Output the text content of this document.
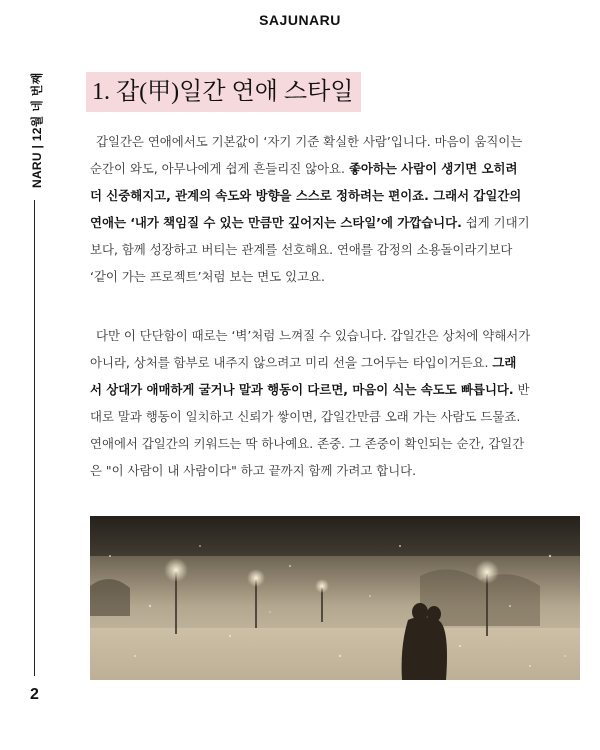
SAJUNARU
NARU | 12월 네 번째
2
1. 갑(甲)일간 연애 스타일
갑일간은 연애에서도 기본값이 ‘자기 기준 확실한 사람’입니다. 마음이 움직이는
순간이 와도, 아무나에게 쉽게 흔들리진 않아요. 좋아하는 사람이 생기면 오히려
더 신중해지고, 관계의 속도와 방향을 스스로 정하려는 편이죠. 그래서 갑일간의
연애는 ‘내가 책임질 수 있는 만큼만 깊어지는 스타일’에 가깝습니다. 쉽게 기대기
보다, 함께 성장하고 버티는 관계를 선호해요. 연애를 감정의 소용돌이라기보다
‘같이 가는 프로젝트’처럼 보는 면도 있고요.
다만 이 단단함이 때로는 ‘벽’처럼 느껴질 수 있습니다. 갑일간은 상처에 약해서가
아니라, 상처를 함부로 내주지 않으려고 미리 선을 그어두는 타입이거든요. 그래
서 상대가 애매하게 굴거나 말과 행동이 다르면, 마음이 식는 속도도 빠릅니다. 반
대로 말과 행동이 일치하고 신뢰가 쌓이면, 갑일간만큼 오래 가는 사람도 드물죠.
연애에서 갑일간의 키워드는 딱 하나예요. 존중. 그 존중이 확인되는 순간, 갑일간
은 "이 사람이 내 사람이다" 하고 끝까지 함께 가려고 합니다.
